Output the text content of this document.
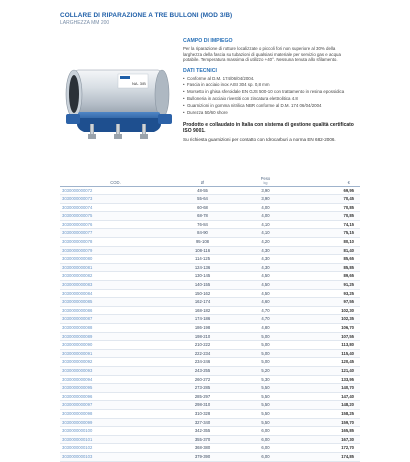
COLLARE DI RIPARAZIONE A TRE BULLONI (MOD 3/B)
LARGHEZZA MM 200
NA. 3/B
CAMPO DI IMPIEGO
Per la riparazione di rotture localizzate o piccoli fori non superiore al 30% della larghezza della fascia su tubazioni di qualsiasi materiale per servizio gas e acqua potabile. Temperatura massima di utilizzo +40°. Nessuna tenuta allo sfilamento.
DATI TECNICI
• Conforme al D.M. 174/06/04/2004.
• Fascia in acciaio inox AISI 304 sp. 0,8 mm
• Morsetto in ghisa sferoidale EN GJS 500-10 con trattamento in resina epossidica
• Bulloneria in acciaio rivestiti con zincatura elettrolitica 4.8
• Guarnizioni in gomma nitrilica NBR conforme al D.M. 174 06/04/2004
• Durezza 50/60 shore
Prodotto e collaudato in Italia con sistema di gestione qualità certificato ISO 9001.
Su richiesta guarnizioni per contatto con Idrocarburi a norma EN 682-2006.
COD.	Ø	Peso
kg	€
3030000000072	48-55	3,90	69,95
3030000000073	55-64	3,90	70,45
3030000000074	60-68	4,00	70,85
3030000000075	68-78	4,00	70,85
3030000000076	76-84	4,10	74,15
3030000000077	84-90	4,10	75,15
3030000000078	95-108	4,20	80,10
3030000000079	108-116	4,30	81,40
3030000000080	114-125	4,30	85,65
3030000000081	124-136	4,30	85,85
3030000000082	130-145	4,50	89,65
3030000000083	140-155	4,50	91,25
3030000000084	150-162	4,50	93,25
3030000000085	162-174	4,60	97,55
3030000000086	168-182	4,70	102,30
3030000000087	174-186	4,70	102,35
3030000000088	186-198	4,80	106,70
3030000000089	198-210	5,00	107,55
3030000000090	210-222	5,00	113,80
3030000000091	222-234	5,00	115,40
3030000000092	234-246	5,00	120,45
3030000000093	243-255	5,20	121,40
3030000000094	260-272	5,30	133,95
3030000000095	273-285	5,50	140,70
3030000000096	285-297	5,50	147,40
3030000000097	298-310	5,50	148,20
3030000000098	310-328	5,50	158,25
3030000000099	327-340	5,50	159,70
3030000000100	342-355	6,00	165,85
3030000000101	355-370	6,00	167,30
3030000000102	368-380	6,00	172,70
3030000000103	379-390	6,00	174,85
